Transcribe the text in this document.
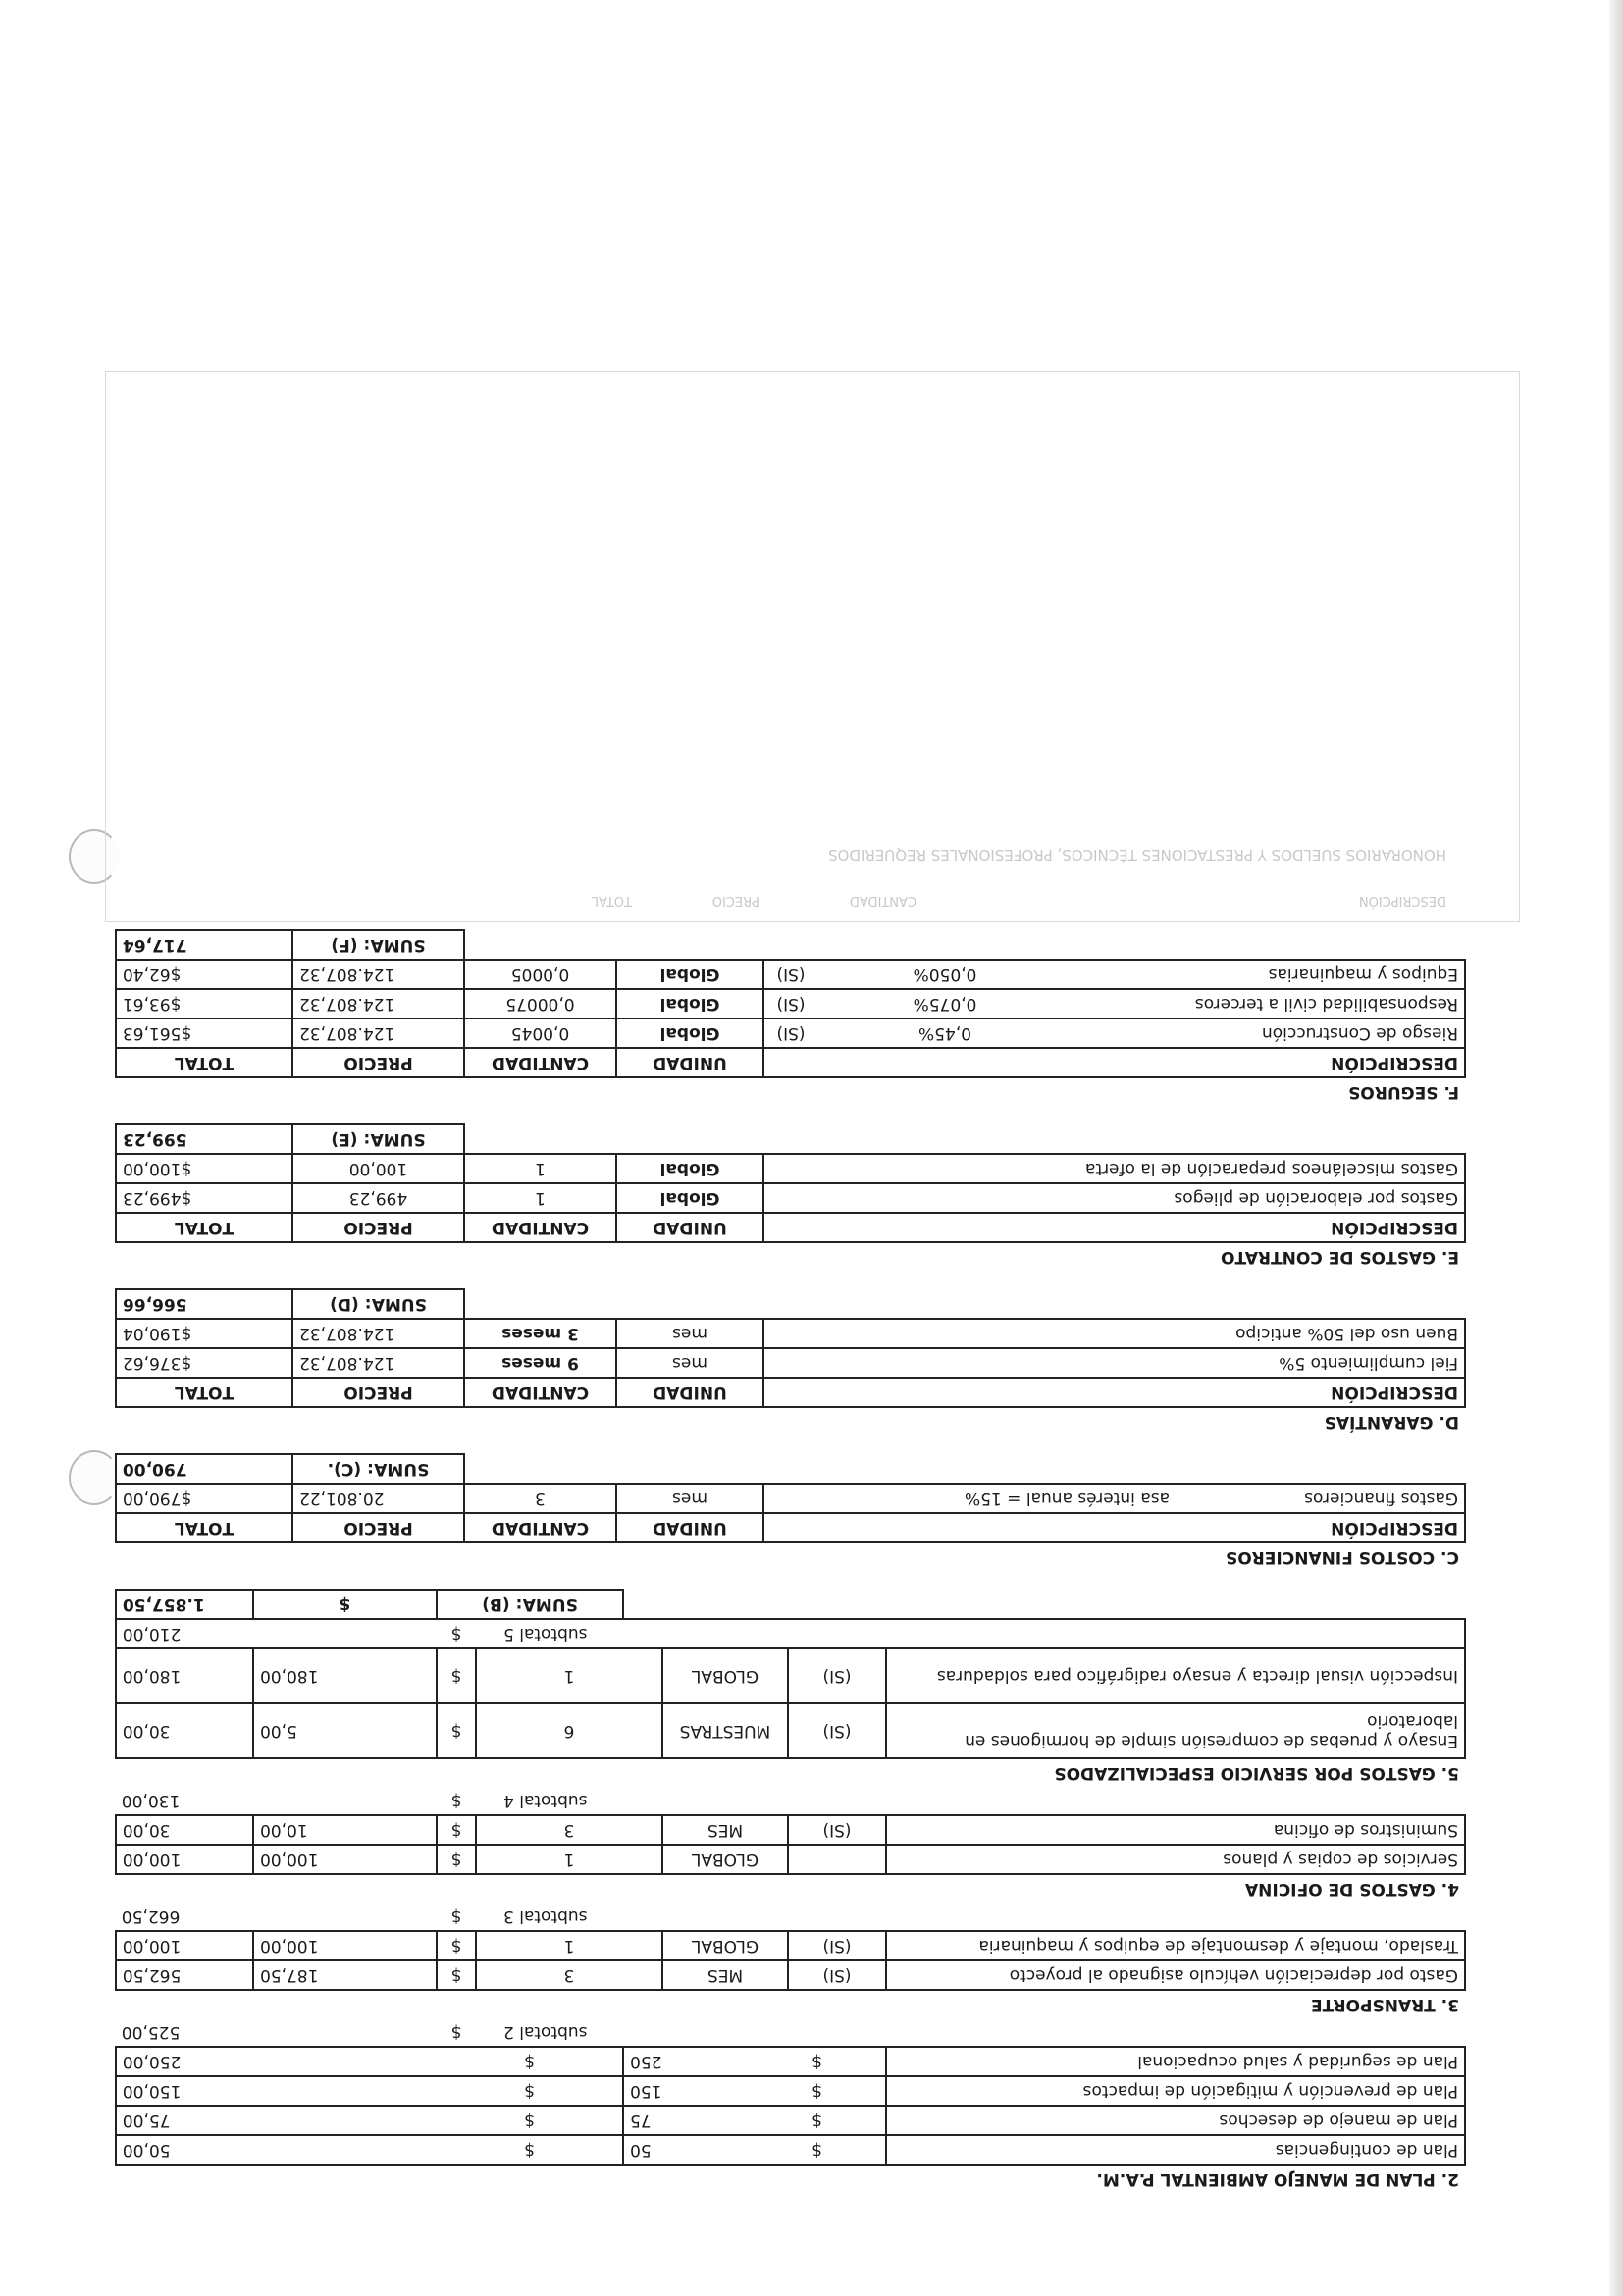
2. PLAN DE MANEJO AMBIENTAL P.A.M.								
Plan de contingencias	$		50		$		50,00	
Plan de manejo de desechos	$		75		$		75,00	
Plan de prevención y mitigación de impactos	$		150		$		150,00	
Plan de seguridad y salud ocupacional	$		250		$		250,00	
					subtotal 2	$	525,00	
3. TRANSPORTE								
Gasto por depreciación vehículo asignado al proyecto	(SI)	MES		3		$	187,50	562,50
Traslado, montaje y desmontaje de equipos y maquinaria	(SI)	GLOBAL		1		$	100,00	100,00
					subtotal 3	$	662,50	
4. GASTOS DE OFICINA								
Servicios de copias y planos		GLOBAL		1		$	100,00	100,00
Suministros de oficina	(SI)	MES		3		$	10,00	30,00
					subtotal 4	$	130,00	
5. GASTOS POR SERVICIO ESPECIALIZADOS								
Ensayo y pruebas de compresión simple de hormigones en laboratorio	(SI)	MUESTRAS		6		$	5,00	30,00
Inspección visual directa y ensayo radigráfico para soldaduras	(SI)	GLOBAL		1		$	180,00	180,00
					subtotal 5	$	210,00	
					SUMA: (B)		$	1.857,50
C. COSTOS FINANCIEROS					
DESCRIPCIÓN		UNIDAD	CANTIDAD	PRECIO	TOTAL
Gastos financieros	asa interés anual = 15%	mes	3	20.801,22	$790,00
				SUMA: (C).	790,00
D. GARANTÍAS				
DESCRIPCIÓN	UNIDAD	CANTIDAD	PRECIO	TOTAL
Fiel cumplimiento 5%	mes	9 meses	124.807,32	$376,62
Buen uso del 50% anticipo	mes	3 meses	124.807,32	$190,04
			SUMA: (D)	566,66
E. GASTOS DE CONTRATO				
DESCRIPCIÓN	UNIDAD	CANTIDAD	PRECIO	TOTAL
Gastos por elaboración de pliegos	Global	1	499,23	$499,23
Gastos misceláneos preparación de la oferta	Global	1	100,00	$100,00
			SUMA: (E)	599,23
F. SEGUROS						
DESCRIPCIÓN			UNIDAD	CANTIDAD	PRECIO	TOTAL
Riesgo de Construcción	0,45%	(SI)	Global	0,0045	124.807,32	$561,63
Responsabilidad civil a terceros	0,075%	(SI)	Global	0,00075	124.807,32	$93,61
Equipos y maquinarias	0,050%	(SI)	Global	0,0005	124.807,32	$62,40
					SUMA: (F)	717,64
HONORARIOS SUELDOS Y PRESTACIONES TÉCNICOS, PROFESIONALES REQUERIDOS
DESCRIPCIÓN
CANTIDAD
PRECIO
TOTAL
